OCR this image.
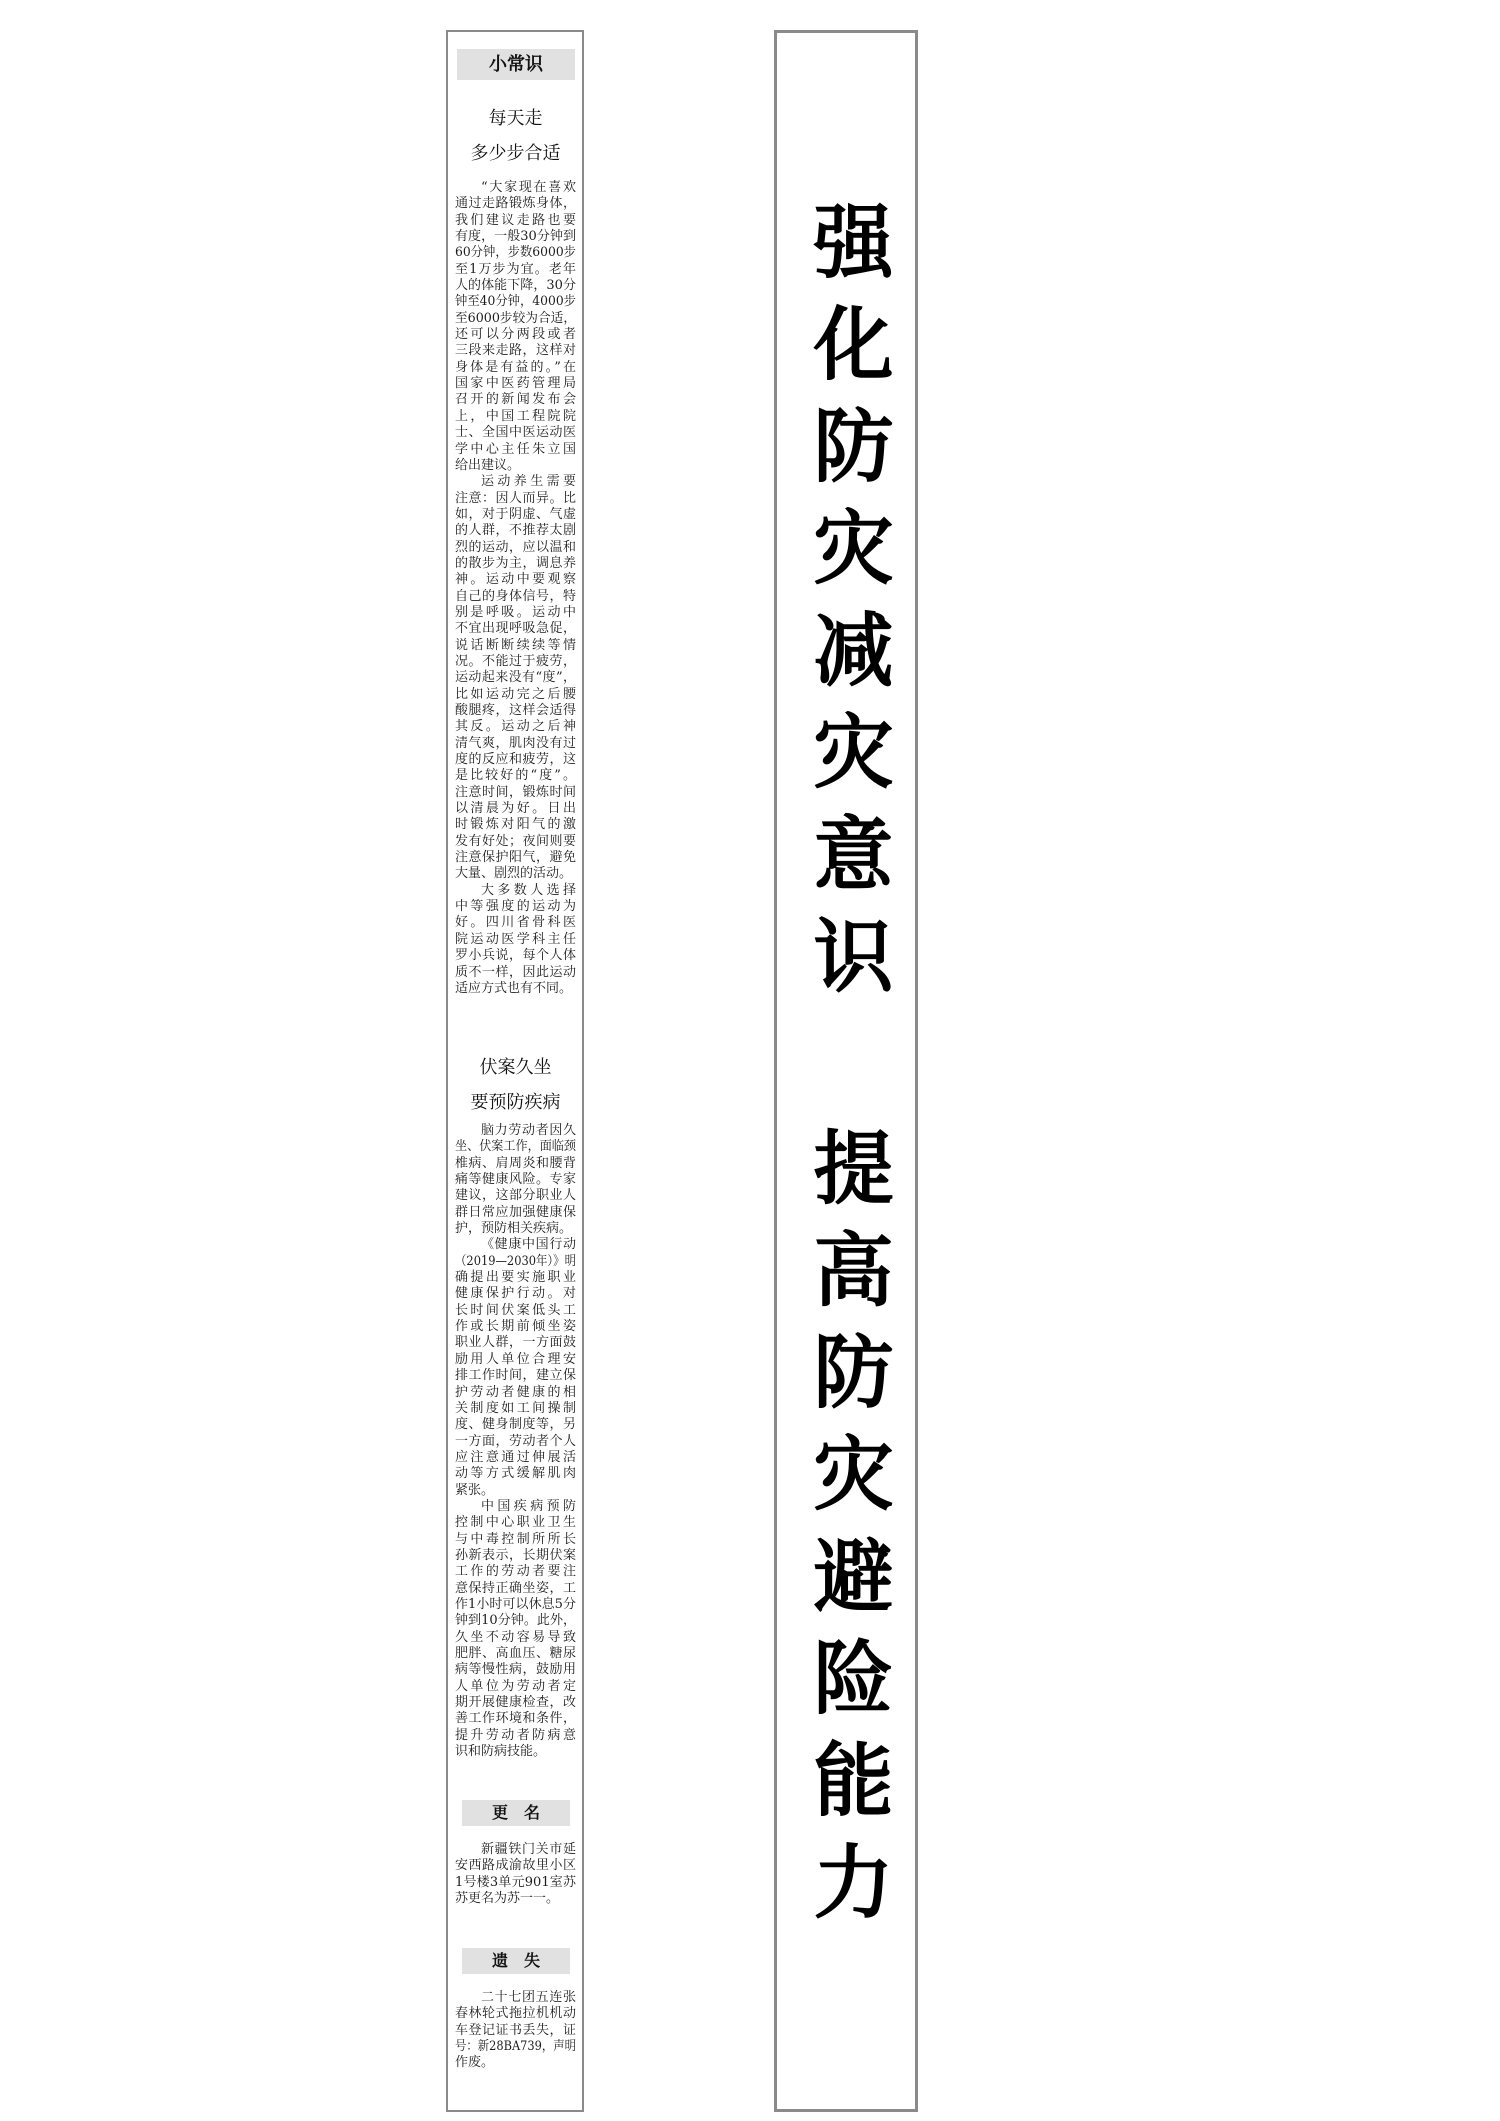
小常识
每天走
多少步合适
“大家现在喜欢
通过走路锻炼身体，
我们建议走路也要
有度，一般30分钟到
60分钟，步数6000步
至1万步为宜。老年
人的体能下降，30分
钟至40分钟，4000步
至6000步较为合适，
还可以分两段或者
三段来走路，这样对
身体是有益的。”在
国家中医药管理局
召开的新闻发布会
上，中国工程院院
士、全国中医运动医
学中心主任朱立国
给出建议。
运动养生需要
注意：因人而异。比
如，对于阴虚、气虚
的人群，不推荐太剧
烈的运动，应以温和
的散步为主，调息养
神。运动中要观察
自己的身体信号，特
别是呼吸。运动中
不宜出现呼吸急促，
说话断断续续等情
况。不能过于疲劳，
运动起来没有“度”，
比如运动完之后腰
酸腿疼，这样会适得
其反。运动之后神
清气爽，肌肉没有过
度的反应和疲劳，这
是比较好的“度”。
注意时间，锻炼时间
以清晨为好。日出
时锻炼对阳气的激
发有好处；夜间则要
注意保护阳气，避免
大量、剧烈的活动。
大多数人选择
中等强度的运动为
好。四川省骨科医
院运动医学科主任
罗小兵说，每个人体
质不一样，因此运动
适应方式也有不同。
伏案久坐
要预防疾病
脑力劳动者因久
坐、伏案工作，面临颈
椎病、肩周炎和腰背
痛等健康风险。专家
建议，这部分职业人
群日常应加强健康保
护，预防相关疾病。
《健康中国行动
（2019—2030年）》明
确提出要实施职业
健康保护行动。对
长时间伏案低头工
作或长期前倾坐姿
职业人群，一方面鼓
励用人单位合理安
排工作时间，建立保
护劳动者健康的相
关制度如工间操制
度、健身制度等，另
一方面，劳动者个人
应注意通过伸展活
动等方式缓解肌肉
紧张。
中国疾病预防
控制中心职业卫生
与中毒控制所所长
孙新表示，长期伏案
工作的劳动者要注
意保持正确坐姿，工
作1小时可以休息5分
钟到10分钟。此外，
久坐不动容易导致
肥胖、高血压、糖尿
病等慢性病，鼓励用
人单位为劳动者定
期开展健康检查，改
善工作环境和条件，
提升劳动者防病意
识和防病技能。
更　名
新疆铁门关市延
安西路成渝故里小区
1号楼3单元901室苏
苏更名为苏一一。
遗　失
二十七团五连张
春林轮式拖拉机机动
车登记证书丢失，证
号：新28BA739，声明
作废。
强化防灾减灾意识
提高防灾避险能力
